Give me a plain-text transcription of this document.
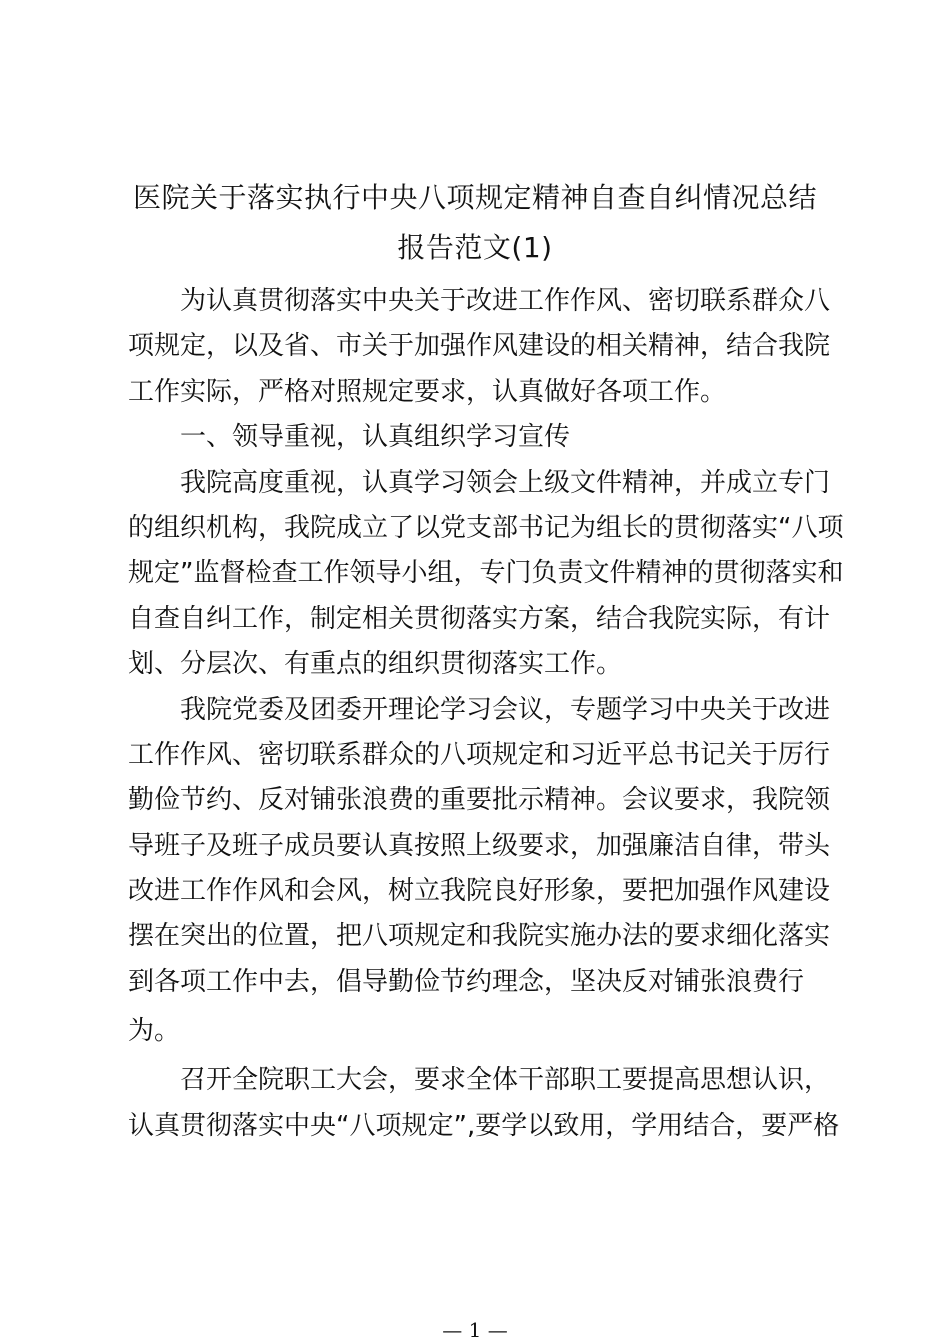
医院关于落实执行中央八项规定精神自查自纠情况总结
报告范文(1)

为认真贯彻落实中央关于改进工作作风、密切联系群众八

项规定，以及省、市关于加强作风建设的相关精神，结合我院

工作实际，严格对照规定要求，认真做好各项工作。

一、领导重视，认真组织学习宣传

我院高度重视，认真学习领会上级文件精神，并成立专门

的组织机构，我院成立了以党支部书记为组长的贯彻落实“八项

规定”监督检查工作领导小组，专门负责文件精神的贯彻落实和

自查自纠工作，制定相关贯彻落实方案，结合我院实际，有计

划、分层次、有重点的组织贯彻落实工作。

我院党委及团委开理论学习会议，专题学习中央关于改进

工作作风、密切联系群众的八项规定和习近平总书记关于厉行

勤俭节约、反对铺张浪费的重要批示精神。会议要求，我院领

导班子及班子成员要认真按照上级要求，加强廉洁自律，带头

改进工作作风和会风，树立我院良好形象，要把加强作风建设

摆在突出的位置，把八项规定和我院实施办法的要求细化落实

到各项工作中去，倡导勤俭节约理念，坚决反对铺张浪费行

为。

召开全院职工大会，要求全体干部职工要提高思想认识，

认真贯彻落实中央“八项规定”,要学以致用，学用结合，要严格

— 1 —
